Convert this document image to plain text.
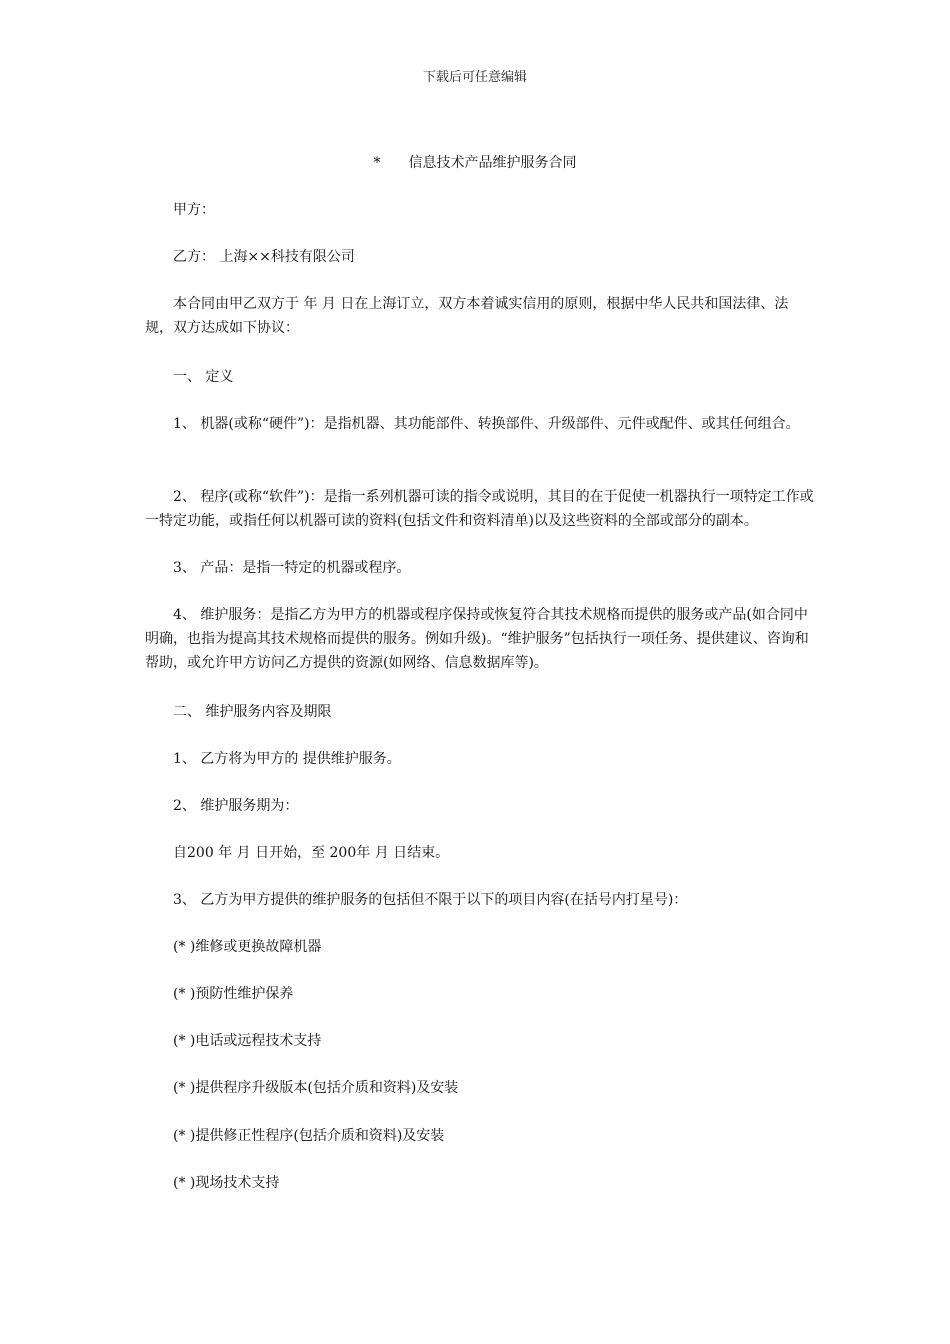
下载后可任意编辑
* 信息技术产品维护服务合同
甲方：
乙方： 上海××科技有限公司
本合同由甲乙双方于 年 月 日在上海订立，双方本着诚实信用的原则，根据中华人民共和国法律、法规，双方达成如下协议：
一、 定义
1、 机器(或称“硬件”)：是指机器、其功能部件、转换部件、升级部件、元件或配件、或其任何组合。
2、 程序(或称“软件”)：是指一系列机器可读的指令或说明，其目的在于促使一机器执行一项特定工作或一特定功能，或指任何以机器可读的资料(包括文件和资料清单)以及这些资料的全部或部分的副本。
3、 产品：是指一特定的机器或程序。
4、 维护服务：是指乙方为甲方的机器或程序保持或恢复符合其技术规格而提供的服务或产品(如合同中明确，也指为提高其技术规格而提供的服务。例如升级)。“维护服务”包括执行一项任务、提供建议、咨询和帮助，或允许甲方访问乙方提供的资源(如网络、信息数据库等)。
二、 维护服务内容及期限
1、 乙方将为甲方的 提供维护服务。
2、 维护服务期为：
自200 年 月 日开始，至 200年 月 日结束。
3、 乙方为甲方提供的维护服务的包括但不限于以下的项目内容(在括号内打星号)：
(* )维修或更换故障机器
(* )预防性维护保养
(* )电话或远程技术支持
(* )提供程序升级版本(包括介质和资料)及安装
(* )提供修正性程序(包括介质和资料)及安装
(* )现场技术支持
